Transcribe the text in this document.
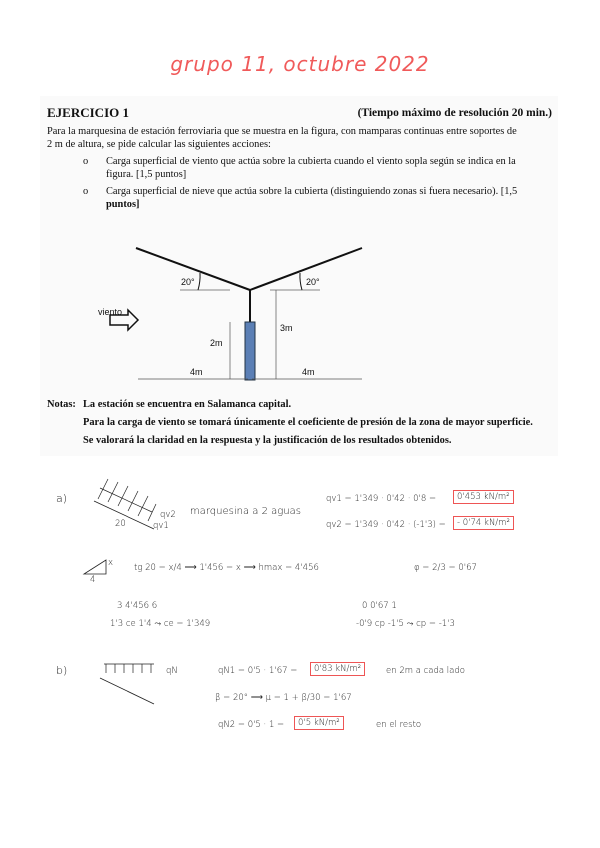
grupo 11, octubre 2022
EJERCICIO 1	(Tiempo máximo de resolución 20 min.)
Para la marquesina de estación ferroviaria que se muestra en la figura, con mamparas continuas entre soportes de
2 m de altura, se pide calcular las siguientes acciones:
o Carga superficial de viento que actúa sobre la cubierta cuando el viento sopla según se indica en la
figura. [1,5 puntos]
o Carga superficial de nieve que actúa sobre la cubierta (distinguiendo zonas si fuera necesario). [1,5
puntos]
20°	20°
viento
2m
3m
4m	4m
Notas: La estación se encuentra en Salamanca capital.
Para la carga de viento se tomará únicamente el coeficiente de presión de la zona de mayor superficie.
Se valorará la claridad en la respuesta y la justificación de los resultados obtenidos.
a)
qv2
qv1
20
marquesina a 2 aguas
qv1 = 1'349 · 0'42 · 0'8 =	0'453 kN/m²
qv2 = 1'349 · 0'42 · (-1'3) =	- 0'74 kN/m²
x
4
tg 20 = x/4 ⟶ 1'456 = x ⟶ hmax = 4'456	φ = 2/3 = 0'67
3 4'456 6
1'3 ce 1'4 ⤳ ce = 1'349
0 0'67 1
-0'9 cp -1'5 ⤳ cp = -1'3
b)	qN	qN1 = 0'5 · 1'67 =	0'83 kN/m²	en 2m a cada lado
β = 20° ⟶ μ = 1 + β/30 = 1'67
qN2 = 0'5 · 1 =	0'5 kN/m²	en el resto
